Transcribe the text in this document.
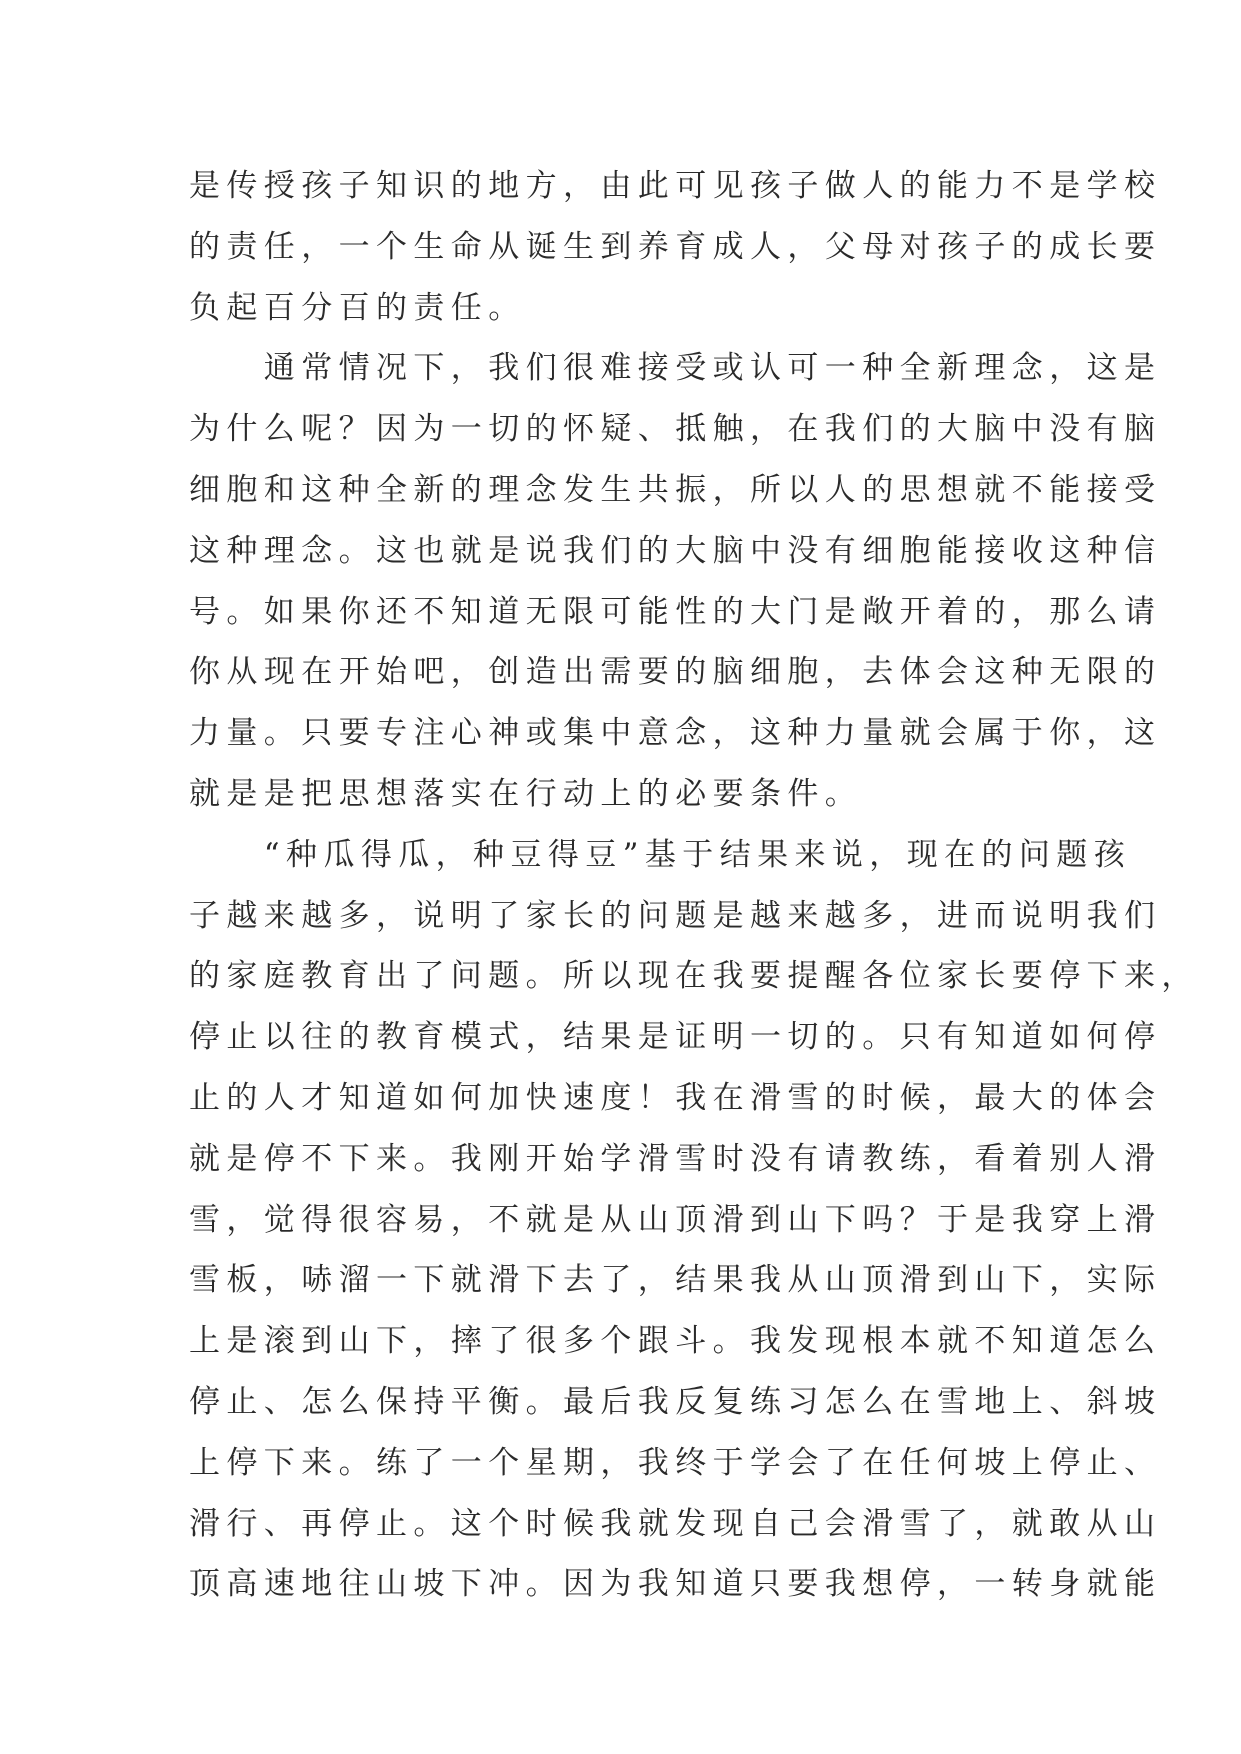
是传授孩子知识的地方，由此可见孩子做人的能力不是学校
的责任，一个生命从诞生到养育成人，父母对孩子的成长要
负起百分百的责任。
　　通常情况下，我们很难接受或认可一种全新理念，这是
为什么呢？因为一切的怀疑、抵触，在我们的大脑中没有脑
细胞和这种全新的理念发生共振，所以人的思想就不能接受
这种理念。这也就是说我们的大脑中没有细胞能接收这种信
号。如果你还不知道无限可能性的大门是敞开着的，那么请
你从现在开始吧，创造出需要的脑细胞，去体会这种无限的
力量。只要专注心神或集中意念，这种力量就会属于你，这
就是是把思想落实在行动上的必要条件。
　　“种瓜得瓜，种豆得豆”基于结果来说，现在的问题孩
子越来越多，说明了家长的问题是越来越多，进而说明我们
的家庭教育出了问题。所以现在我要提醒各位家长要停下来，
停止以往的教育模式，结果是证明一切的。只有知道如何停
止的人才知道如何加快速度！我在滑雪的时候，最大的体会
就是停不下来。我刚开始学滑雪时没有请教练，看着别人滑
雪，觉得很容易，不就是从山顶滑到山下吗？于是我穿上滑
雪板，哧溜一下就滑下去了，结果我从山顶滑到山下，实际
上是滚到山下，摔了很多个跟斗。我发现根本就不知道怎么
停止、怎么保持平衡。最后我反复练习怎么在雪地上、斜坡
上停下来。练了一个星期，我终于学会了在任何坡上停止、
滑行、再停止。这个时候我就发现自己会滑雪了，就敢从山
顶高速地往山坡下冲。因为我知道只要我想停，一转身就能
